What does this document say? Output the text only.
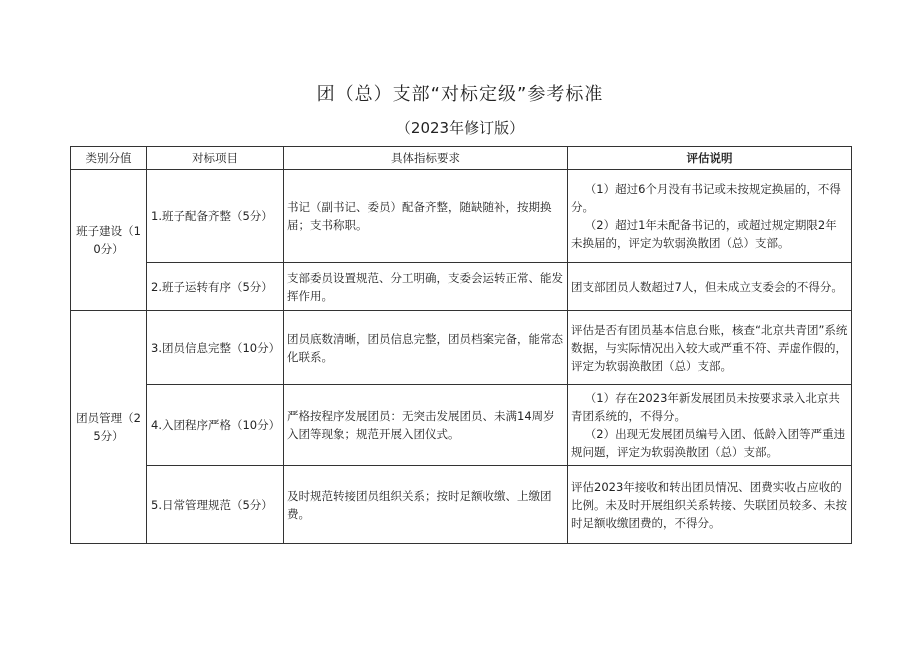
团（总）支部“对标定级”参考标准
（2023年修订版）
类别分值	对标项目	具体指标要求	评估说明
班子建设（10分）	1.班子配备齐整（5分）	书记（副书记、委员）配备齐整，随缺随补，按期换届；支书称职。	（1）超过6个月没有书记或未按规定换届的，不得分。
（2）超过1年未配备书记的，或超过规定期限2年未换届的，评定为软弱涣散团（总）支部。

	2.班子运转有序（5分）	支部委员设置规范、分工明确，支委会运转正常、能发挥作用。	团支部团员人数超过7人，但未成立支委会的不得分。
团员管理（25分）	3.团员信息完整（10分）	团员底数清晰，团员信息完整，团员档案完备，能常态化联系。	评估是否有团员基本信息台账，核查“北京共青团”系统数据，与实际情况出入较大或严重不符、弄虚作假的，评定为软弱涣散团（总）支部。
	4.入团程序严格（10分）	严格按程序发展团员：无突击发展团员、未满14周岁入团等现象；规范开展入团仪式。	（1）存在2023年新发展团员未按要求录入北京共青团系统的，不得分。
（2）出现无发展团员编号入团、低龄入团等严重违规问题，评定为软弱涣散团（总）支部。

	5.日常管理规范（5分）	及时规范转接团员组织关系；按时足额收缴、上缴团费。	评估2023年接收和转出团员情况、团费实收占应收的比例。未及时开展组织关系转接、失联团员较多、未按时足额收缴团费的，不得分。
